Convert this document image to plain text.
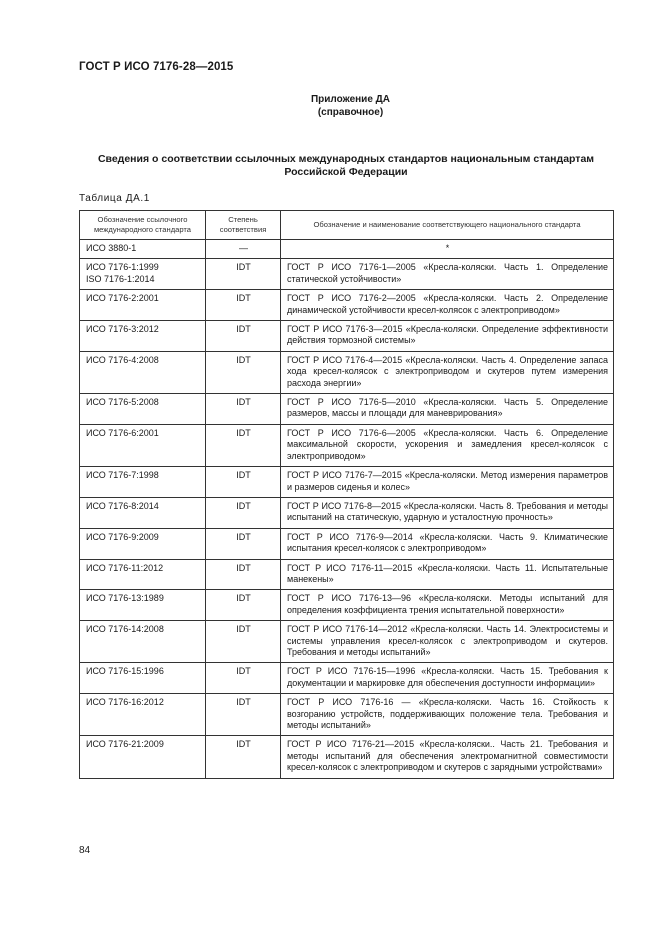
ГОСТ Р ИСО 7176-28—2015
Приложение ДА
(справочное)
Сведения о соответствии ссылочных международных стандартов национальным стандартам
Российской Федерации
Таблица ДА.1
Обозначение ссылочного международного стандарта	Степень соответствия	Обозначение и наименование соответствующего национального стандарта

ИСО 3880-1	—	*

ИСО 7176-1:1999
ISO 7176-1:2014	IDT	ГОСТ Р ИСО 7176-1—2005 «Кресла-коляски. Часть 1. Определение статической устойчивости»

ИСО 7176-2:2001	IDT	ГОСТ Р ИСО 7176-2—2005 «Кресла-коляски. Часть 2. Определение динамической устойчивости кресел-колясок с электроприводом»

ИСО 7176-3:2012	IDT	ГОСТ Р ИСО 7176-3—2015 «Кресла-коляски. Определение эффективности действия тормозной системы»

ИСО 7176-4:2008	IDT	ГОСТ Р ИСО 7176-4—2015 «Кресла-коляски. Часть 4. Определение запаса хода кресел-колясок с электроприводом и скутеров путем измерения расхода энергии»

ИСО 7176-5:2008	IDT	ГОСТ Р ИСО 7176-5—2010 «Кресла-коляски. Часть 5. Определение размеров, массы и площади для маневрирования»

ИСО 7176-6:2001	IDT	ГОСТ Р ИСО 7176-6—2005 «Кресла-коляски. Часть 6. Определение максимальной скорости, ускорения и замедления кресел-колясок с электроприводом»

ИСО 7176-7:1998	IDT	ГОСТ Р ИСО 7176-7—2015 «Кресла-коляски. Метод измерения параметров и размеров сиденья и колес»

ИСО 7176-8:2014	IDT	ГОСТ Р ИСО 7176-8—2015 «Кресла-коляски. Часть 8. Требования и методы испытаний на статическую, ударную и усталостную прочность»

ИСО 7176-9:2009	IDT	ГОСТ Р ИСО 7176-9—2014 «Кресла-коляски. Часть 9. Климатические испытания кресел-колясок с электроприводом»

ИСО 7176-11:2012	IDT	ГОСТ Р ИСО 7176-11—2015 «Кресла-коляски. Часть 11. Испытательные манекены»

ИСО 7176-13:1989	IDT	ГОСТ Р ИСО 7176-13—96 «Кресла-коляски. Методы испытаний для определения коэффициента трения испытательной поверхности»

ИСО 7176-14:2008	IDT	ГОСТ Р ИСО 7176-14—2012 «Кресла-коляски. Часть 14. Электросистемы и системы управления кресел-колясок с электроприводом и скутеров. Требования и методы испытаний»

ИСО 7176-15:1996	IDT	ГОСТ Р ИСО 7176-15—1996 «Кресла-коляски. Часть 15. Требования к документации и маркировке для обеспечения доступности информации»

ИСО 7176-16:2012	IDT	ГОСТ Р ИСО 7176-16 — «Кресла-коляски. Часть 16. Стойкость к возгоранию устройств, поддерживающих положение тела. Требования и методы испытаний»

ИСО 7176-21:2009	IDT	ГОСТ Р ИСО 7176-21—2015 «Кресла-коляски.. Часть 21. Требования и методы испытаний для обеспечения электромагнитной совместимости кресел-колясок с электроприводом и скутеров с зарядными устройствами»
84
